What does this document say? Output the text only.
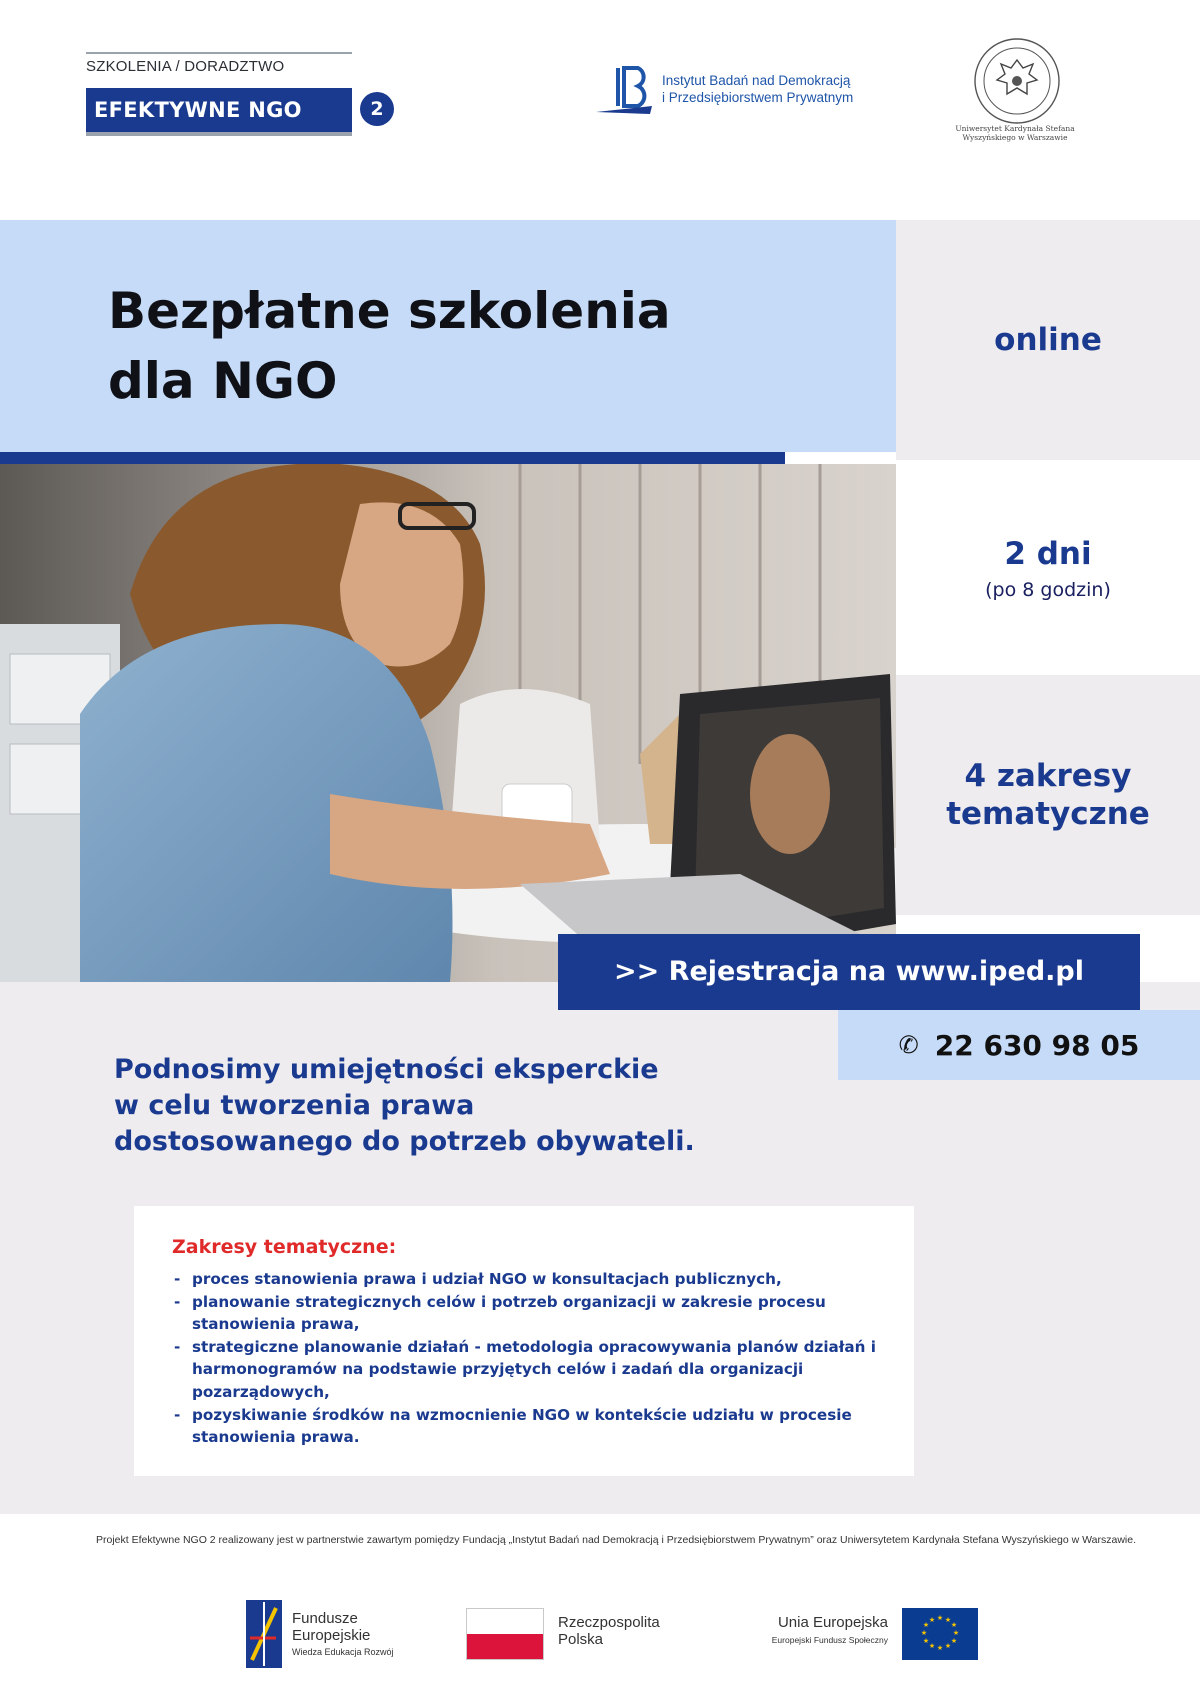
SZKOLENIA / DORADZTWO
EFEKTYWNE NGO	2
Instytut Badań nad Demokracją
i Przedsiębiorstwem Prywatnym
Uniwersytet Kardynała Stefana Wyszyńskiego w Warszawie
Bezpłatne szkolenia
dla NGO
online
2 dni
(po 8 godzin)
4 zakresy
tematyczne
>> Rejestracja na www.iped.pl
✆ 22 630 98 05
Podnosimy umiejętności eksperckie
w celu tworzenia prawa
dostosowanego do potrzeb obywateli.
Zakresy tematyczne:
- proces stanowienia prawa i udział NGO w konsultacjach publicznych,
- planowanie strategicznych celów i potrzeb organizacji w zakresie procesu stanowienia prawa,
- strategiczne planowanie działań - metodologia opracowywania planów działań i harmonogramów na podstawie przyjętych celów i zadań dla organizacji pozarządowych,
- pozyskiwanie środków na wzmocnienie NGO w kontekście udziału w procesie stanowienia prawa.
Projekt Efektywne NGO 2 realizowany jest w partnerstwie zawartym pomiędzy Fundacją „Instytut Badań nad Demokracją i Przedsiębiorstwem Prywatnym” oraz Uniwersytetem Kardynała Stefana Wyszyńskiego w Warszawie.
Fundusze
Europejskie
Wiedza Edukacja Rozwój
Rzeczpospolita
Polska
Unia Europejska
Europejski Fundusz Społeczny
★ ★
★
★
★
★
★
★
★
★
★
★
